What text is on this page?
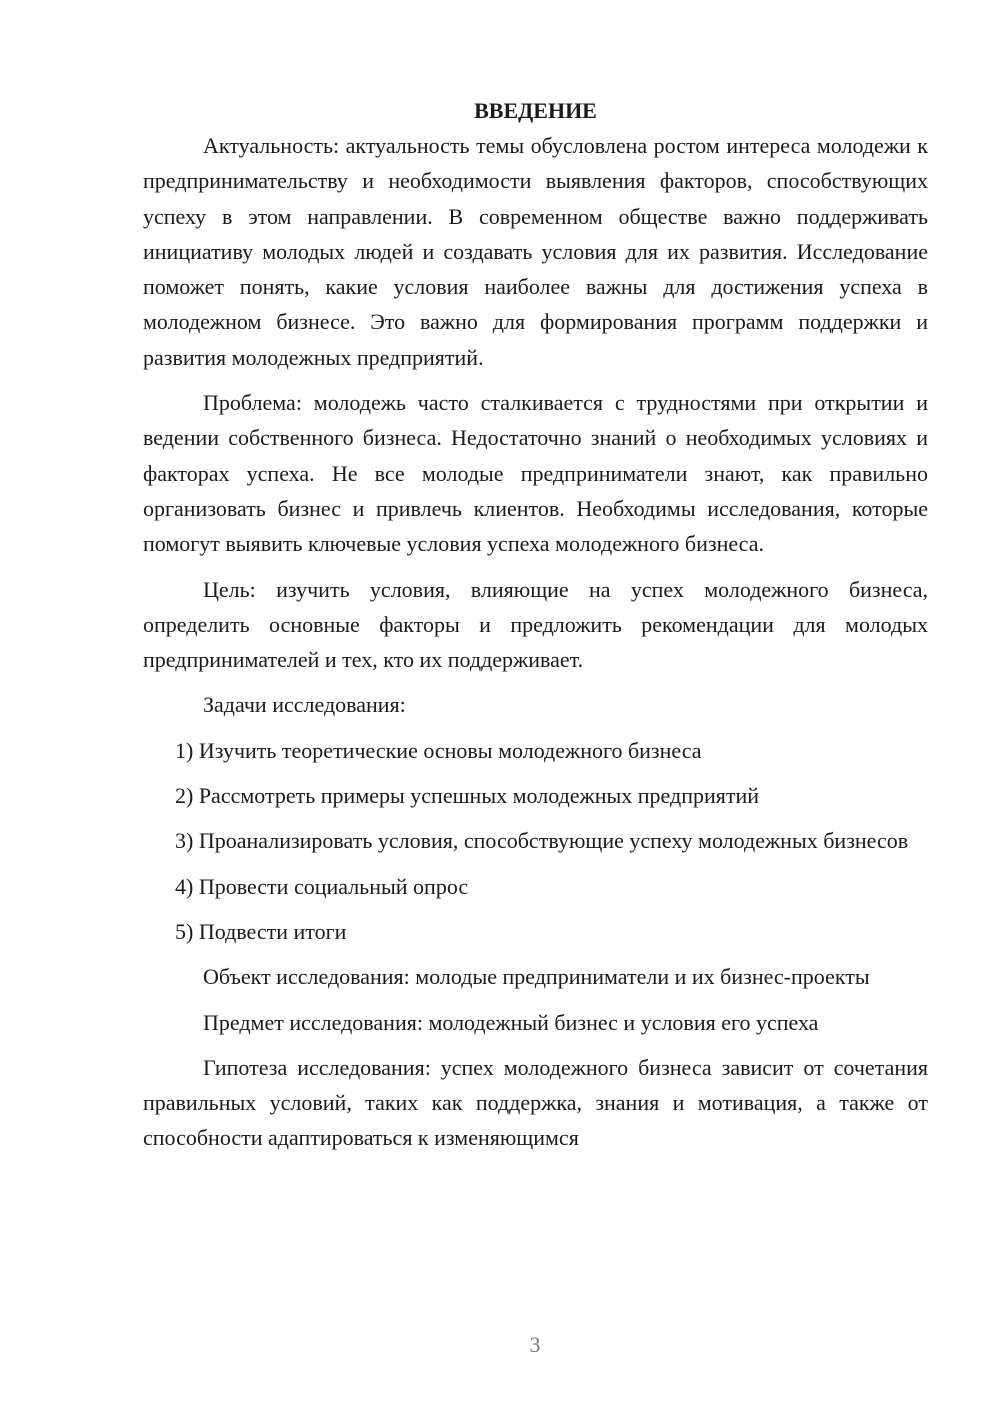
ВВЕДЕНИЕ

Актуальность: актуальность темы обусловлена ростом интереса молодежи к предпринимательству и необходимости выявления факторов, способствующих успеху в этом направлении. В современном обществе важно поддерживать инициативу молодых людей и создавать условия для их развития. Исследование поможет понять, какие условия наиболее важны для достижения успеха в молодежном бизнесе. Это важно для формирования программ поддержки и развития молодежных предприятий.

Проблема: молодежь часто сталкивается с трудностями при открытии и ведении собственного бизнеса. Недостаточно знаний о необходимых условиях и факторах успеха. Не все молодые предприниматели знают, как правильно организовать бизнес и привлечь клиентов. Необходимы исследования, которые помогут выявить ключевые условия успеха молодежного бизнеса.

Цель: изучить условия, влияющие на успех молодежного бизнеса, определить основные факторы и предложить рекомендации для молодых предпринимателей и тех, кто их поддерживает.

Задачи исследования:

1) Изучить теоретические основы молодежного бизнеса

2) Рассмотреть примеры успешных молодежных предприятий

3) Проанализировать условия, способствующие успеху молодежных бизнесов

4) Провести социальный опрос

5) Подвести итоги

Объект исследования: молодые предприниматели и их бизнес-проекты

Предмет исследования: молодежный бизнес и условия его успеха

Гипотеза исследования: успех молодежного бизнеса зависит от сочетания правильных условий, таких как поддержка, знания и мотивация, а также от способности адаптироваться к изменяющимся

3
